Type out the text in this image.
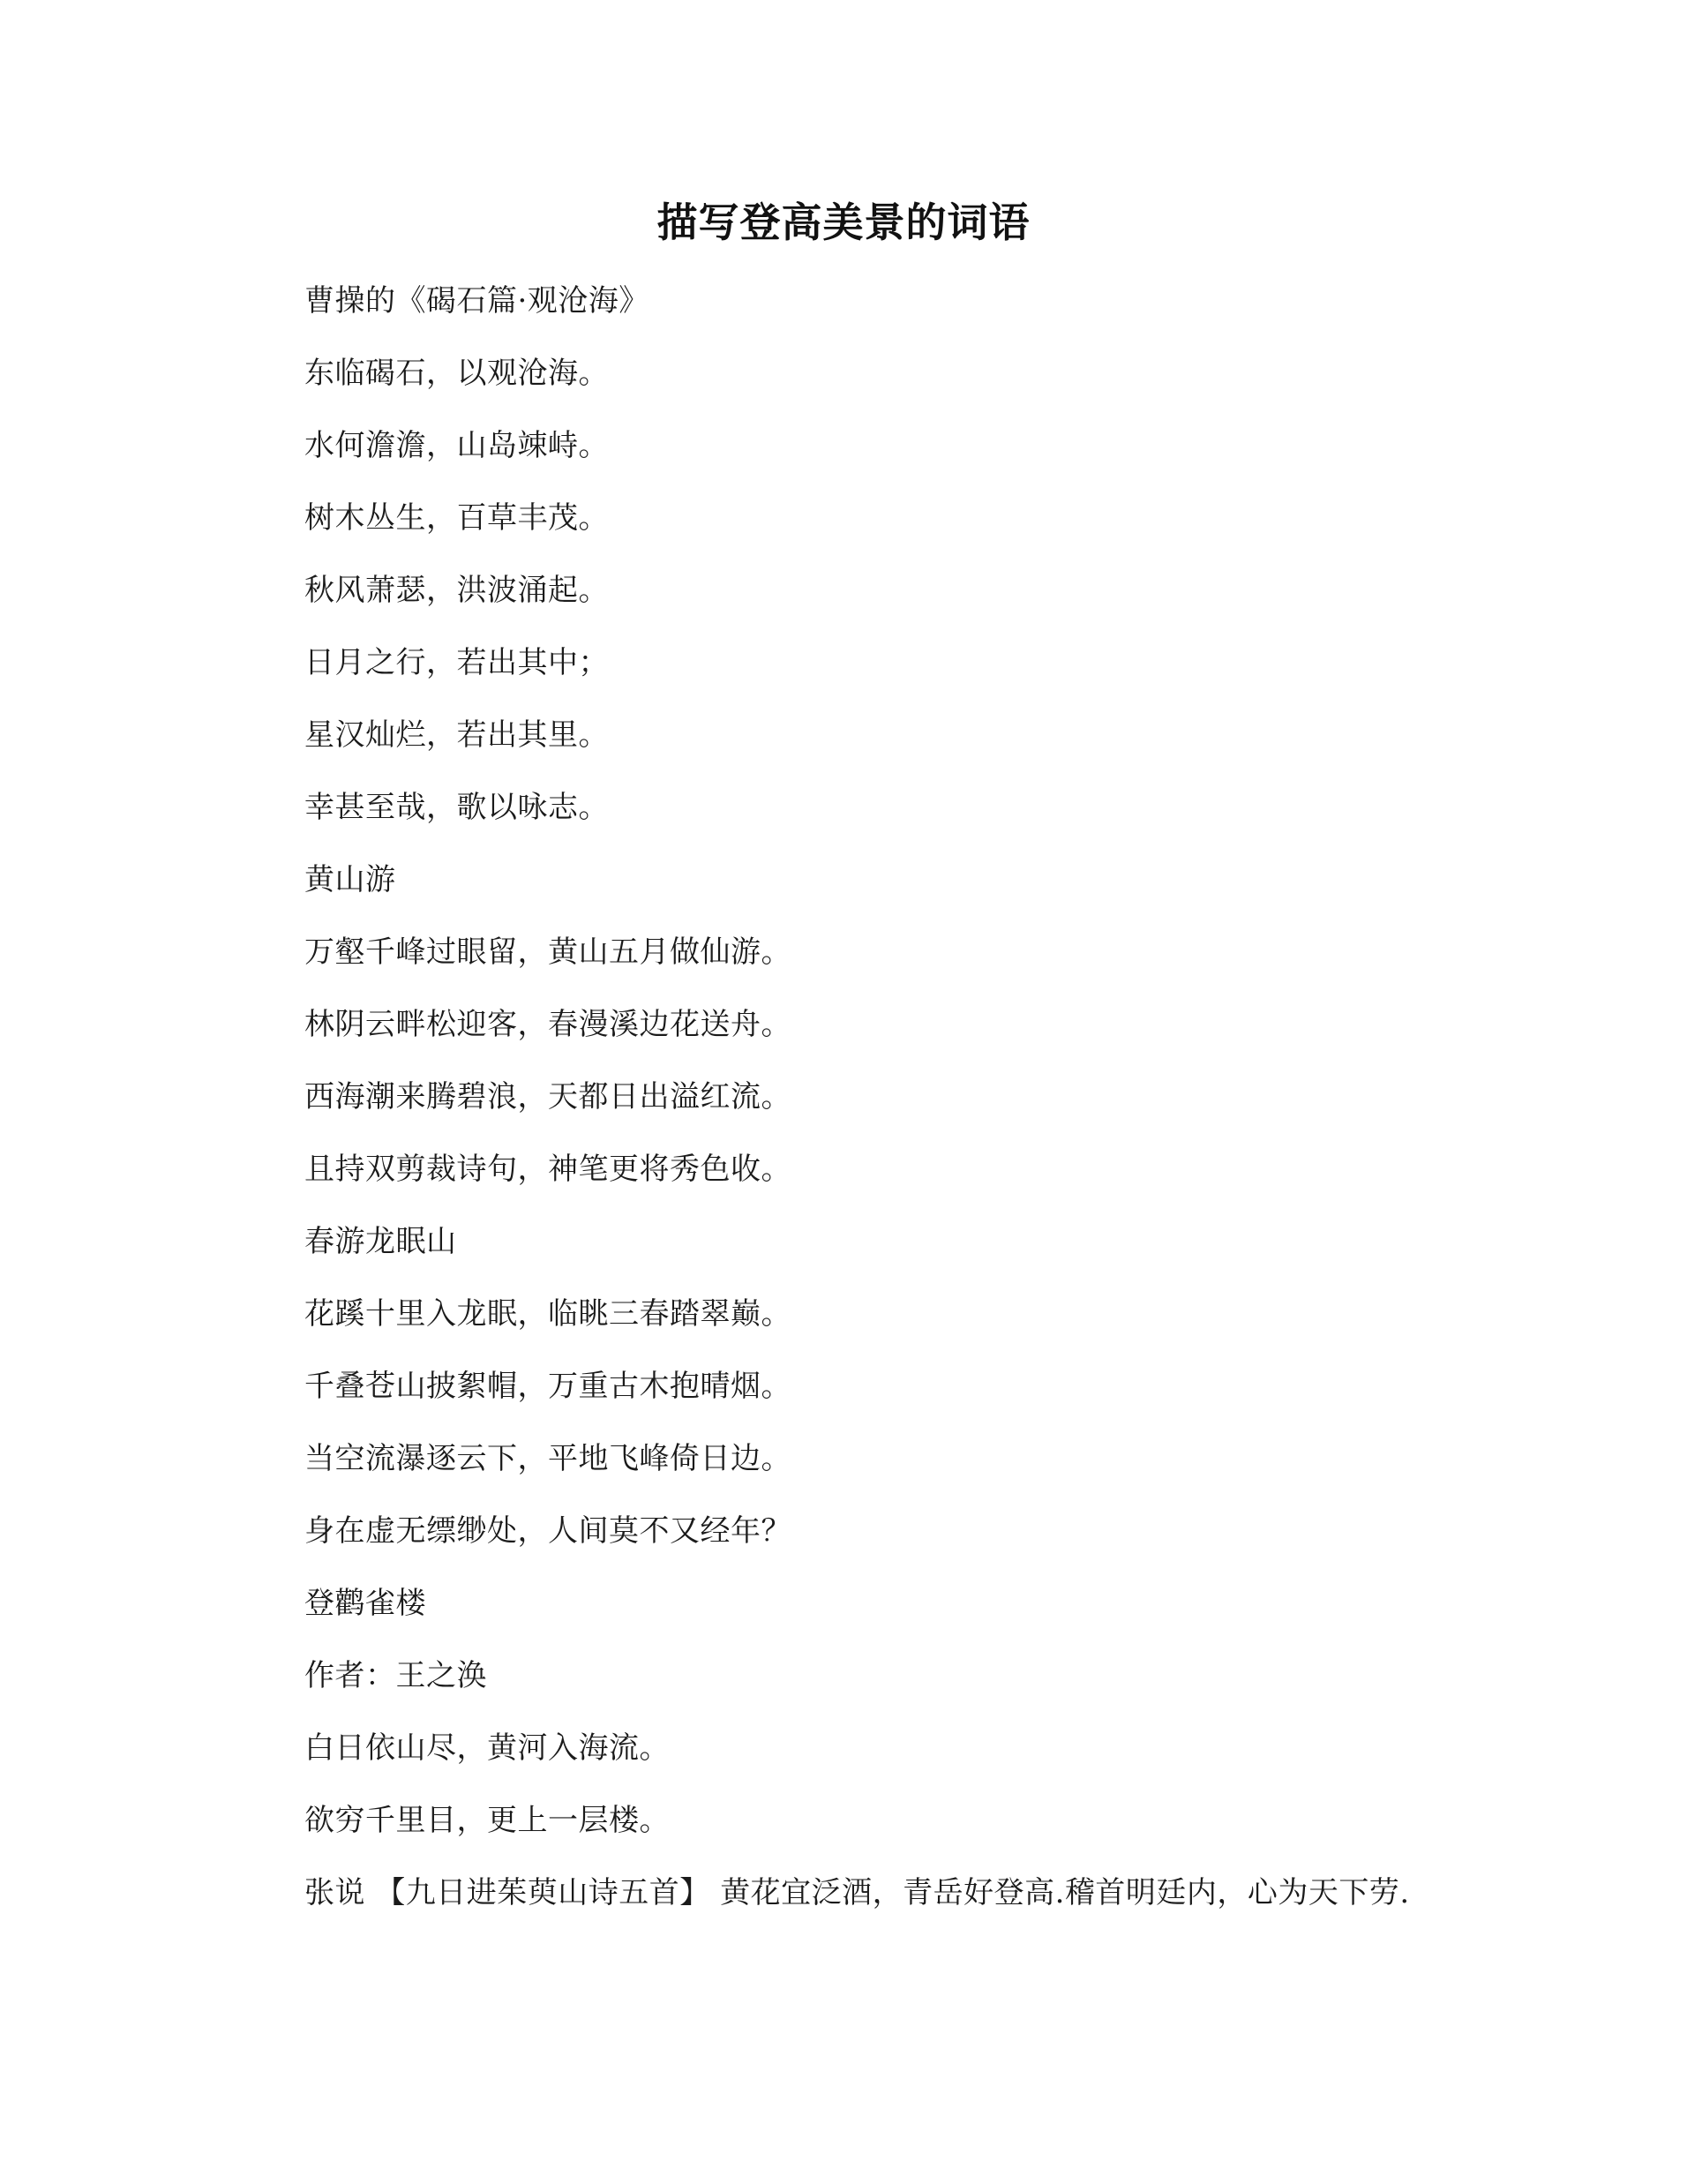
描写登高美景的词语
曹操的《碣石篇·观沧海》
东临碣石，以观沧海。
水何澹澹，山岛竦峙。
树木丛生，百草丰茂。
秋风萧瑟，洪波涌起。
日月之行，若出其中；
星汉灿烂，若出其里。
幸甚至哉，歌以咏志。
黄山游
万壑千峰过眼留，黄山五月做仙游。
林阴云畔松迎客，春漫溪边花送舟。
西海潮来腾碧浪，天都日出溢红流。
且持双剪裁诗句，神笔更将秀色收。
春游龙眠山
花蹊十里入龙眠，临眺三春踏翠巅。
千叠苍山披絮帽，万重古木抱晴烟。
当空流瀑逐云下，平地飞峰倚日边。
身在虚无缥缈处，人间莫不又经年？
登鹳雀楼
作者：王之涣
白日依山尽，黄河入海流。
欲穷千里目，更上一层楼。
张说 【九日进茱萸山诗五首】 黄花宜泛酒，青岳好登高.稽首明廷内，心为天下劳.
